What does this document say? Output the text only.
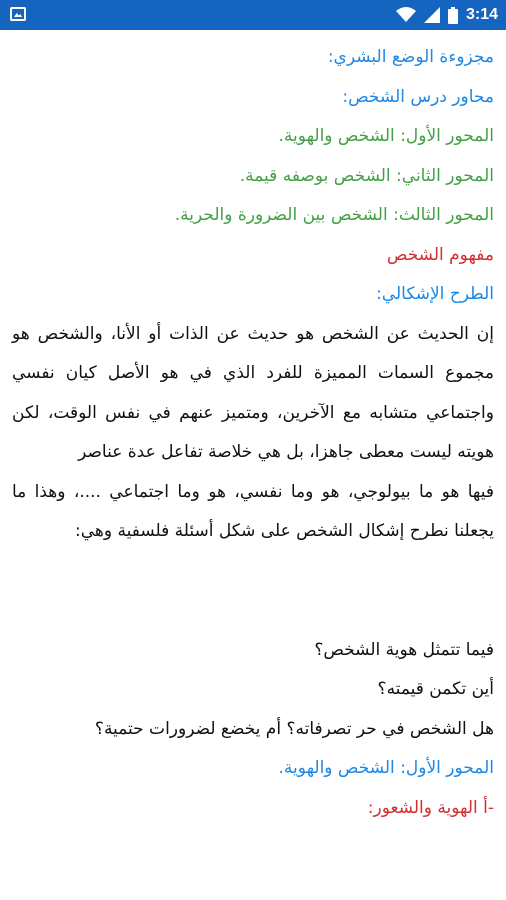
3:14

مجزوءة الوضع البشري:

محاور درس الشخص:

المحور الأول: الشخص والهوية.

المحور الثاني: الشخص بوصفه قيمة.

المحور الثالث: الشخص بين الضرورة والحرية.

مفهوم الشخص

الطرح الإشكالي:

إن الحديث عن الشخص هو حديث عن الذات أو الأنا، والشخص هو مجموع السمات المميزة للفرد الذي في هو الأصل كيان نفسي واجتماعي متشابه مع الآخرين، ومتميز عنهم في نفس الوقت، لكن هويته ليست معطى جاهزا، بل هي خلاصة تفاعل عدة عناصر

فيها هو ما بيولوجي، هو وما نفسي، هو وما اجتماعي ....، وهذا ما يجعلنا نطرح إشكال الشخص على شكل أسئلة فلسفية وهي:

فيما تتمثل هوية الشخص؟

أين تكمن قيمته؟

هل الشخص في حر تصرفاته؟ أم يخضع لضرورات حتمية؟

المحور الأول: الشخص والهوية.

-أ الهوية والشعور:
